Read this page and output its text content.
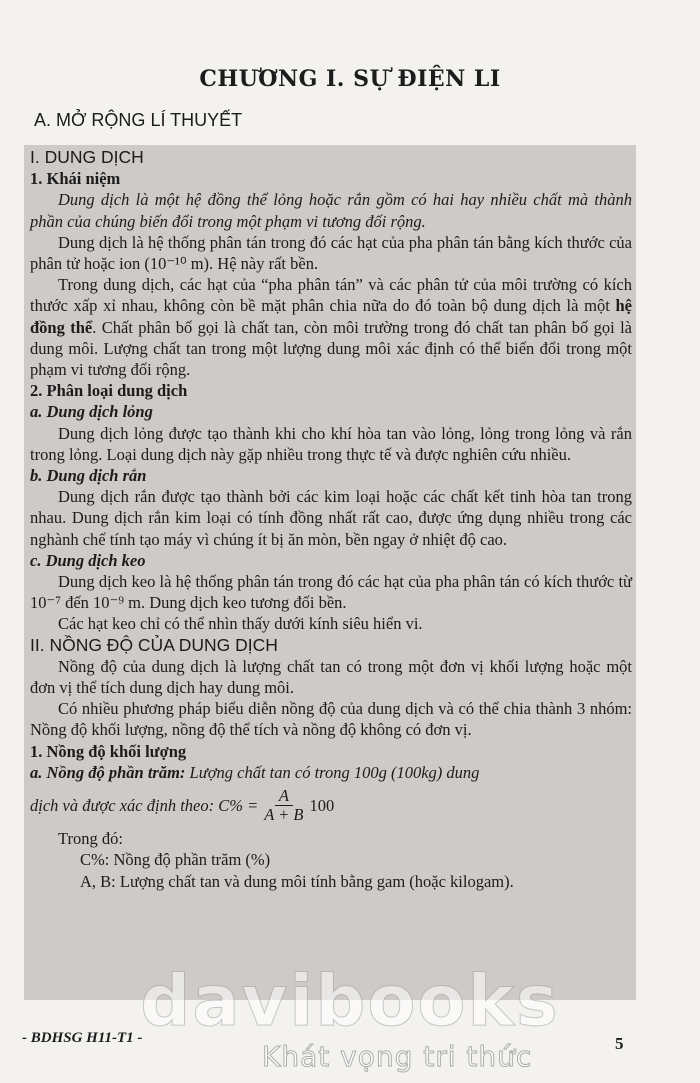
CHƯƠNG I. SỰ ĐIỆN LI
A. MỞ RỘNG LÍ THUYẾT

I. DUNG DỊCH

1. Khái niệm

Dung dịch là một hệ đồng thể lỏng hoặc rắn gồm có hai hay nhiều chất mà thành phần của chúng biến đổi trong một phạm vi tương đối rộng.

Dung dịch là hệ thống phân tán trong đó các hạt của pha phân tán bằng kích thước của phân tử hoặc ion (10⁻¹⁰ m). Hệ này rất bền.

Trong dung dịch, các hạt của “pha phân tán” và các phân tử của môi trường có kích thước xấp xỉ nhau, không còn bề mặt phân chia nữa do đó toàn bộ dung dịch là một hệ đồng thể. Chất phân bố gọi là chất tan, còn môi trường trong đó chất tan phân bố gọi là dung môi. Lượng chất tan trong một lượng dung môi xác định có thể biến đổi trong một phạm vi tương đối rộng.

2. Phân loại dung dịch

a. Dung dịch lỏng

Dung dịch lỏng được tạo thành khi cho khí hòa tan vào lỏng, lỏng trong lỏng và rắn trong lỏng. Loại dung dịch này gặp nhiều trong thực tế và được nghiên cứu nhiều.

b. Dung dịch rắn

Dung dịch rắn được tạo thành bởi các kim loại hoặc các chất kết tinh hòa tan trong nhau. Dung dịch rắn kim loại có tính đồng nhất rất cao, được ứng dụng nhiều trong các nghành chế tính tạo máy vì chúng ít bị ăn mòn, bền ngay ở nhiệt độ cao.

c. Dung dịch keo

Dung dịch keo là hệ thống phân tán trong đó các hạt của pha phân tán có kích thước từ 10⁻⁷ đến 10⁻⁹ m. Dung dịch keo tương đối bền.

Các hạt keo chỉ có thể nhìn thấy dưới kính siêu hiển vi.

II. NỒNG ĐỘ CỦA DUNG DỊCH

Nồng độ của dung dịch là lượng chất tan có trong một đơn vị khối lượng hoặc một đơn vị thể tích dung dịch hay dung môi.

Có nhiều phương pháp biểu diễn nồng độ của dung dịch và có thể chia thành 3 nhóm: Nồng độ khối lượng, nồng độ thể tích và nồng độ không có đơn vị.

1. Nồng độ khối lượng

a. Nồng độ phần trăm: Lượng chất tan có trong 100g (100kg) dung

dịch và được xác định theo: $C\% = \frac{A}{A + B} 100$

Trong đó:

C%: Nồng độ phần trăm (%)

A, B: Lượng chất tan và dung môi tính bằng gam (hoặc kilogam).

davibooks
- BDHSG H11-T1 -	5
Khát vọng tri thức
